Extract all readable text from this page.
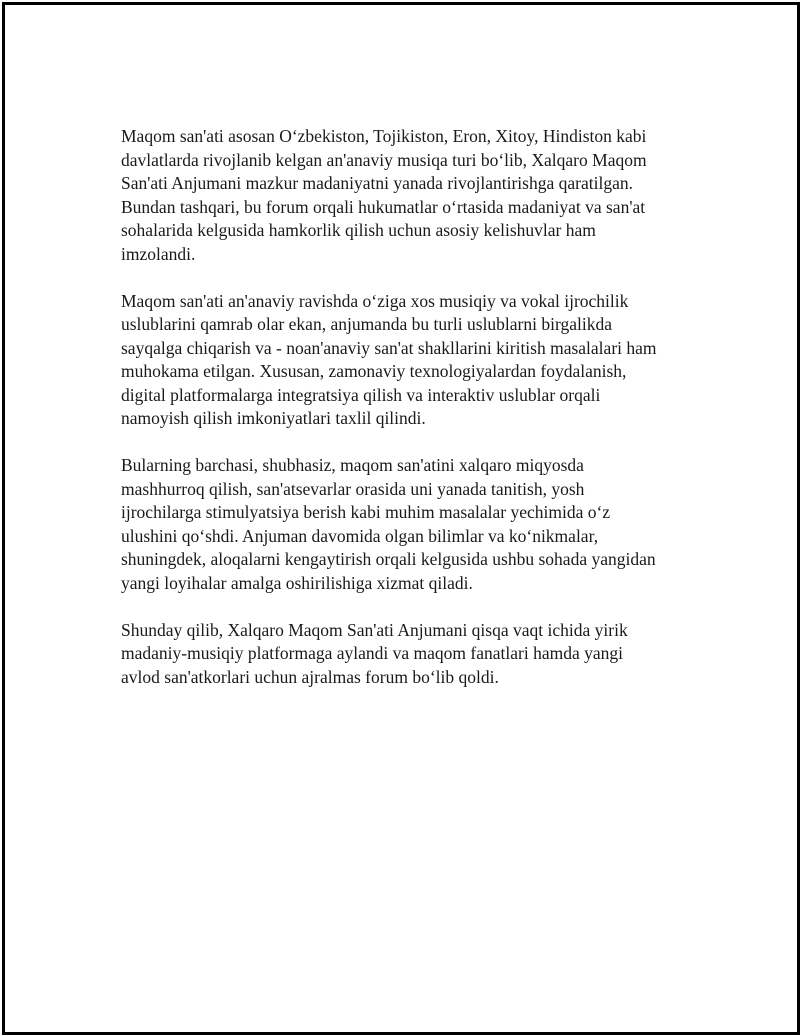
Maqom san'ati asosan Oʻzbekiston, Tojikiston, Eron, Xitoy, Hindiston kabi
davlatlarda rivojlanib kelgan an'anaviy musiqa turi boʻlib, Xalqaro Maqom
San'ati Anjumani mazkur madaniyatni yanada rivojlantirishga qaratilgan.
Bundan tashqari, bu forum orqali hukumatlar oʻrtasida madaniyat va san'at
sohalarida kelgusida hamkorlik qilish uchun asosiy kelishuvlar ham
imzolandi.

Maqom san'ati an'anaviy ravishda oʻziga xos musiqiy va vokal ijrochilik
uslublarini qamrab olar ekan, anjumanda bu turli uslublarni birgalikda
sayqalga chiqarish va - noan'anaviy san'at shakllarini kiritish masalalari ham
muhokama etilgan. Xususan, zamonaviy texnologiyalardan foydalanish,
digital platformalarga integratsiya qilish va interaktiv uslublar orqali
namoyish qilish imkoniyatlari taxlil qilindi.

Bularning barchasi, shubhasiz, maqom san'atini xalqaro miqyosda
mashhurroq qilish, san'atsevarlar orasida uni yanada tanitish, yosh
ijrochilarga stimulyatsiya berish kabi muhim masalalar yechimida oʻz
ulushini qoʻshdi. Anjuman davomida olgan bilimlar va koʻnikmalar,
shuningdek, aloqalarni kengaytirish orqali kelgusida ushbu sohada yangidan
yangi loyihalar amalga oshirilishiga xizmat qiladi.

Shunday qilib, Xalqaro Maqom San'ati Anjumani qisqa vaqt ichida yirik
madaniy-musiqiy platformaga aylandi va maqom fanatlari hamda yangi
avlod san'atkorlari uchun ajralmas forum boʻlib qoldi.
